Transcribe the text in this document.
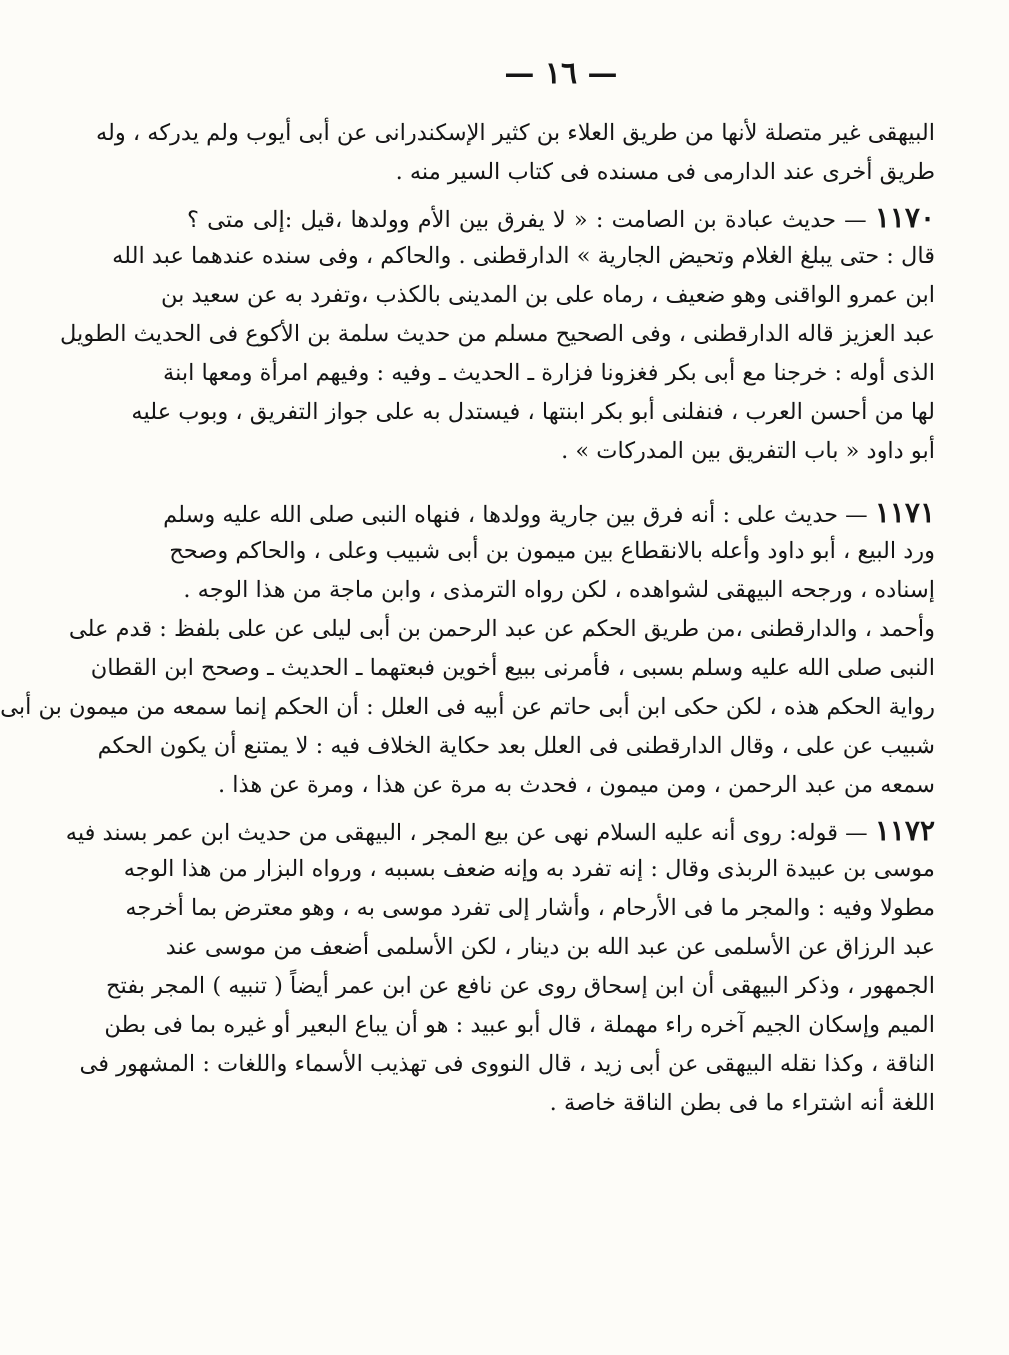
— ١٦ —
البيهقى غير متصلة لأنها من طريق العلاء بن كثير الإسكندرانى عن أبى أيوب ولم يدركه ، وله
طريق أخرى عند الدارمى فى مسنده فى كتاب السير منه .
١١٧٠ — حديث عبادة بن الصامت : « لا يفرق بين الأم وولدها ،قيل :إلى متى ؟
قال : حتى يبلغ الغلام وتحيض الجارية » الدارقطنى . والحاكم ، وفى سنده عندهما عبد الله
ابن عمرو الواقنى وهو ضعيف ، رماه على بن المدينى بالكذب ،وتفرد به عن سعيد بن
عبد العزيز قاله الدارقطنى ، وفى الصحيح مسلم من حديث سلمة بن الأكوع فى الحديث الطويل
الذى أوله : خرجنا مع أبى بكر فغزونا فزارة ـ الحديث ـ وفيه : وفيهم امرأة ومعها ابنة
لها من أحسن العرب ، فنفلنى أبو بكر ابنتها ، فيستدل به على جواز التفريق ، وبوب عليه
أبو داود « باب التفريق بين المدركات » .
١١٧١ — حديث على : أنه فرق بين جارية وولدها ، فنهاه النبى صلى الله عليه وسلم
ورد البيع ، أبو داود وأعله بالانقطاع بين ميمون بن أبى شبيب وعلى ، والحاكم وصحح
إسناده ، ورجحه البيهقى لشواهده ، لكن رواه الترمذى ، وابن ماجة من هذا الوجه .
وأحمد ، والدارقطنى ،من طريق الحكم عن عبد الرحمن بن أبى ليلى عن على بلفظ : قدم على
النبى صلى الله عليه وسلم بسبى ، فأمرنى ببيع أخوين فبعتهما ـ الحديث ـ وصحح ابن القطان
رواية الحكم هذه ، لكن حكى ابن أبى حاتم عن أبيه فى العلل : أن الحكم إنما سمعه من ميمون بن أبى
شبيب عن على ، وقال الدارقطنى فى العلل بعد حكاية الخلاف فيه : لا يمتنع أن يكون الحكم
سمعه من عبد الرحمن ، ومن ميمون ، فحدث به مرة عن هذا ، ومرة عن هذا .
١١٧٢ — قوله: روى أنه عليه السلام نهى عن بيع المجر ، البيهقى من حديث ابن عمر بسند فيه
موسى بن عبيدة الربذى وقال : إنه تفرد به وإنه ضعف بسببه ، ورواه البزار من هذا الوجه
مطولا وفيه : والمجر ما فى الأرحام ، وأشار إلى تفرد موسى به ، وهو معترض بما أخرجه
عبد الرزاق عن الأسلمى عن عبد الله بن دينار ، لكن الأسلمى أضعف من موسى عند
الجمهور ، وذكر البيهقى أن ابن إسحاق روى عن نافع عن ابن عمر أيضاً ( تنبيه ) المجر بفتح
الميم وإسكان الجيم آخره راء مهملة ، قال أبو عبيد : هو أن يباع البعير أو غيره بما فى بطن
الناقة ، وكذا نقله البيهقى عن أبى زيد ، قال النووى فى تهذيب الأسماء واللغات : المشهور فى
اللغة أنه اشتراء ما فى بطن الناقة خاصة .
